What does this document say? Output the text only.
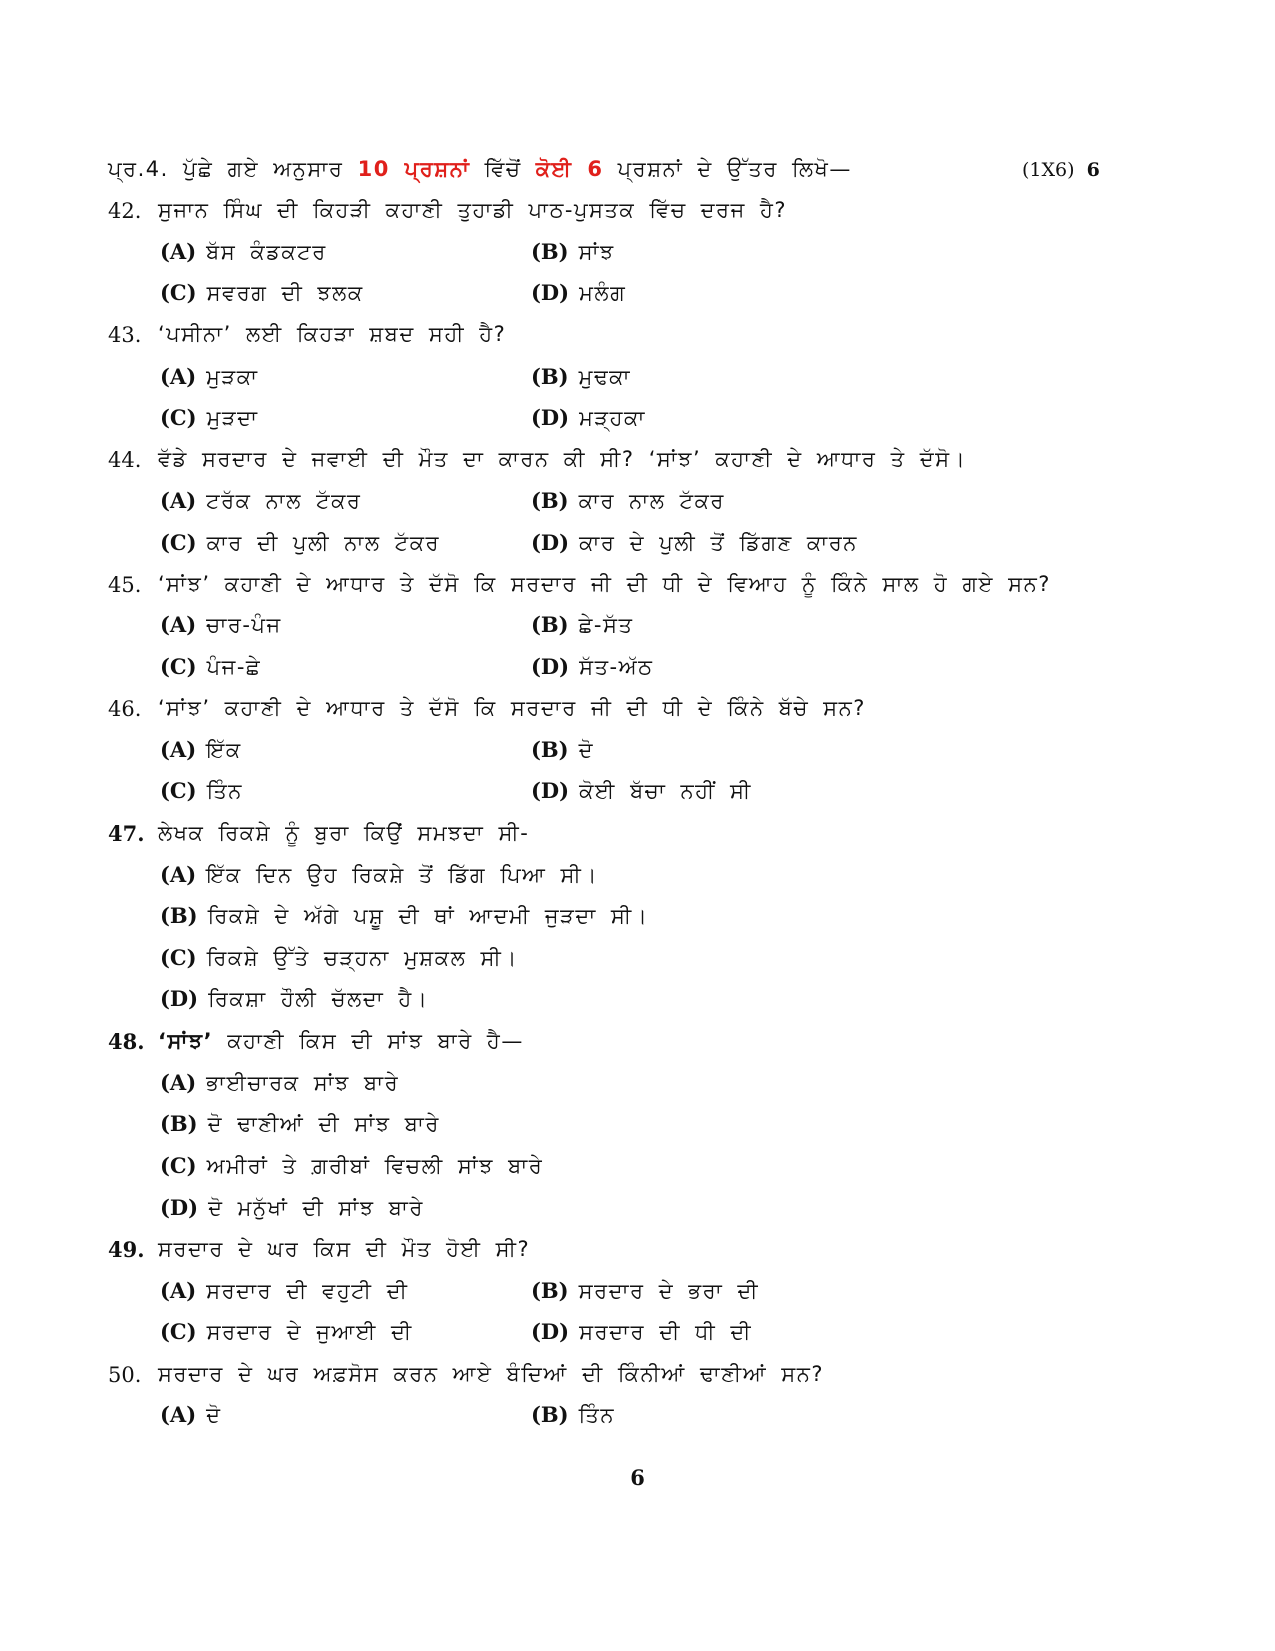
ਪ੍ਰ.4. ਪੁੱਛੇ ਗਏ ਅਨੁਸਾਰ 10 ਪ੍ਰਸ਼ਨਾਂ ਵਿੱਚੋਂ ਕੋਈ 6 ਪ੍ਰਸ਼ਨਾਂ ਦੇ ਉੱਤਰ ਲਿਖੋ—	(1X6) 6
42. ਸੁਜਾਨ ਸਿੰਘ ਦੀ ਕਿਹੜੀ ਕਹਾਣੀ ਤੁਹਾਡੀ ਪਾਠ-ਪੁਸਤਕ ਵਿੱਚ ਦਰਜ ਹੈ?
(A) ਬੱਸ ਕੰਡਕਟਰ	(B) ਸਾਂਝ
(C) ਸਵਰਗ ਦੀ ਝਲਕ	(D) ਮਲੰਗ
43. ‘ਪਸੀਨਾ’ ਲਈ ਕਿਹੜਾ ਸ਼ਬਦ ਸਹੀ ਹੈ?
(A) ਮੁੜਕਾ	(B) ਮੁਢਕਾ
(C) ਮੁੜਦਾ	(D) ਮੜ੍ਹਕਾ
44. ਵੱਡੇ ਸਰਦਾਰ ਦੇ ਜਵਾਈ ਦੀ ਮੌਤ ਦਾ ਕਾਰਨ ਕੀ ਸੀ? ‘ਸਾਂਝ’ ਕਹਾਣੀ ਦੇ ਆਧਾਰ ਤੇ ਦੱਸੋ।
(A) ਟਰੱਕ ਨਾਲ ਟੱਕਰ	(B) ਕਾਰ ਨਾਲ ਟੱਕਰ
(C) ਕਾਰ ਦੀ ਪੁਲੀ ਨਾਲ ਟੱਕਰ	(D) ਕਾਰ ਦੇ ਪੁਲੀ ਤੋਂ ਡਿੱਗਣ ਕਾਰਨ
45. ‘ਸਾਂਝ’ ਕਹਾਣੀ ਦੇ ਆਧਾਰ ਤੇ ਦੱਸੋ ਕਿ ਸਰਦਾਰ ਜੀ ਦੀ ਧੀ ਦੇ ਵਿਆਹ ਨੂੰ ਕਿੰਨੇ ਸਾਲ ਹੋ ਗਏ ਸਨ?
(A) ਚਾਰ-ਪੰਜ	(B) ਛੇ-ਸੱਤ
(C) ਪੰਜ-ਛੇ	(D) ਸੱਤ-ਅੱਠ
46. ‘ਸਾਂਝ’ ਕਹਾਣੀ ਦੇ ਆਧਾਰ ਤੇ ਦੱਸੋ ਕਿ ਸਰਦਾਰ ਜੀ ਦੀ ਧੀ ਦੇ ਕਿੰਨੇ ਬੱਚੇ ਸਨ?
(A) ਇੱਕ	(B) ਦੋ
(C) ਤਿੰਨ	(D) ਕੋਈ ਬੱਚਾ ਨਹੀਂ ਸੀ
47. ਲੇਖਕ ਰਿਕਸ਼ੇ ਨੂੰ ਬੁਰਾ ਕਿਉਂ ਸਮਝਦਾ ਸੀ-
(A) ਇੱਕ ਦਿਨ ਉਹ ਰਿਕਸ਼ੇ ਤੋਂ ਡਿੱਗ ਪਿਆ ਸੀ।
(B) ਰਿਕਸ਼ੇ ਦੇ ਅੱਗੇ ਪਸ਼ੂ ਦੀ ਥਾਂ ਆਦਮੀ ਜੁੜਦਾ ਸੀ।
(C) ਰਿਕਸ਼ੇ ਉੱਤੇ ਚੜ੍ਹਨਾ ਮੁਸ਼ਕਲ ਸੀ।
(D) ਰਿਕਸ਼ਾ ਹੌਲੀ ਚੱਲਦਾ ਹੈ।
48. ‘ਸਾਂਝ’ ਕਹਾਣੀ ਕਿਸ ਦੀ ਸਾਂਝ ਬਾਰੇ ਹੈ—
(A) ਭਾਈਚਾਰਕ ਸਾਂਝ ਬਾਰੇ
(B) ਦੋ ਢਾਣੀਆਂ ਦੀ ਸਾਂਝ ਬਾਰੇ
(C) ਅਮੀਰਾਂ ਤੇ ਗ਼ਰੀਬਾਂ ਵਿਚਲੀ ਸਾਂਝ ਬਾਰੇ
(D) ਦੋ ਮਨੁੱਖਾਂ ਦੀ ਸਾਂਝ ਬਾਰੇ
49. ਸਰਦਾਰ ਦੇ ਘਰ ਕਿਸ ਦੀ ਮੌਤ ਹੋਈ ਸੀ?
(A) ਸਰਦਾਰ ਦੀ ਵਹੁਟੀ ਦੀ	(B) ਸਰਦਾਰ ਦੇ ਭਰਾ ਦੀ
(C) ਸਰਦਾਰ ਦੇ ਜੁਆਈ ਦੀ	(D) ਸਰਦਾਰ ਦੀ ਧੀ ਦੀ
50. ਸਰਦਾਰ ਦੇ ਘਰ ਅਫ਼ਸੋਸ ਕਰਨ ਆਏ ਬੰਦਿਆਂ ਦੀ ਕਿੰਨੀਆਂ ਢਾਣੀਆਂ ਸਨ?
(A) ਦੋ	(B) ਤਿੰਨ
6
